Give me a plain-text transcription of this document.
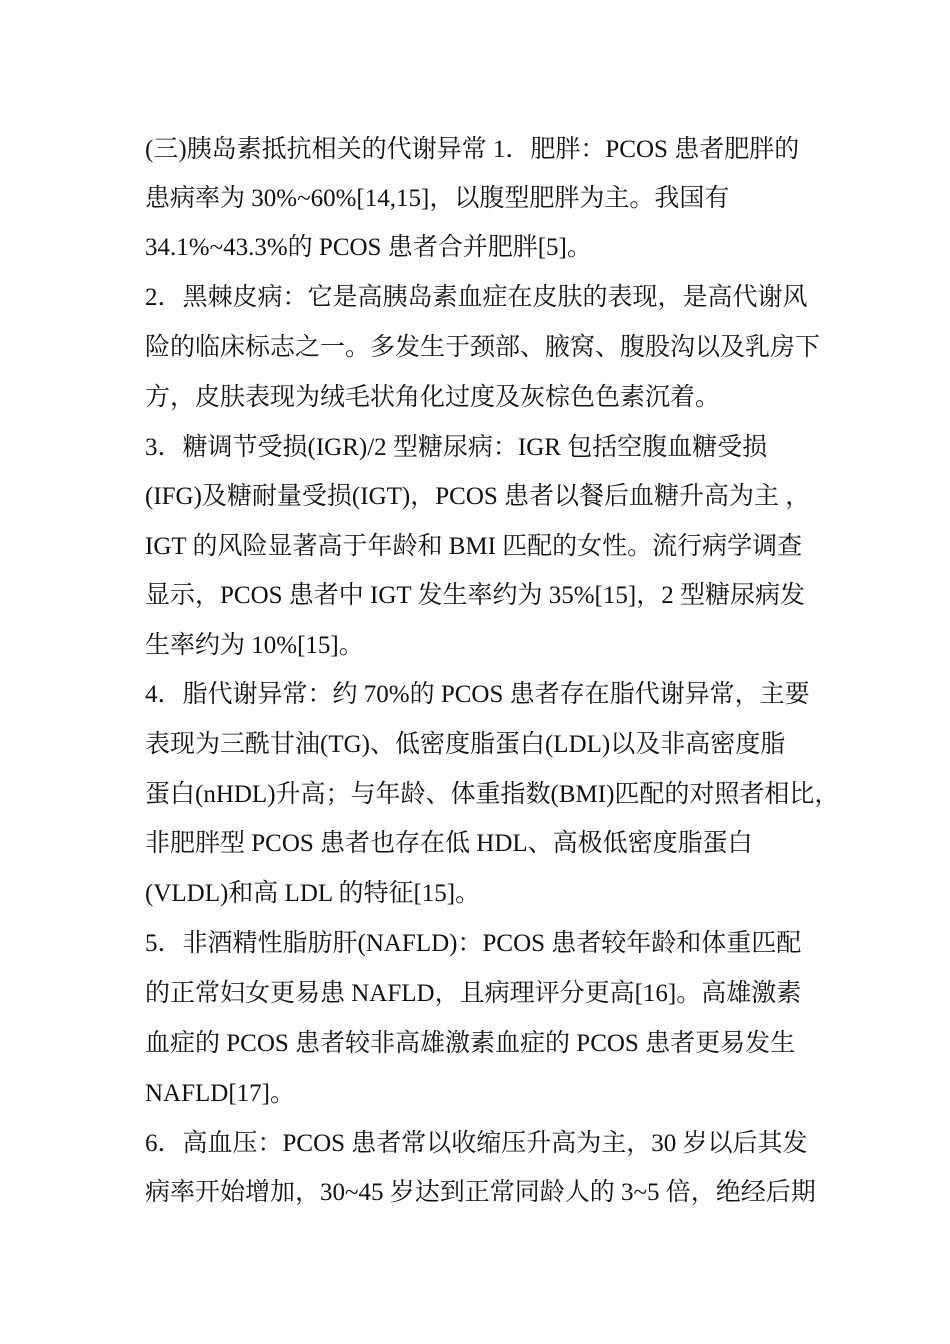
(三)胰岛素抵抗相关的代谢异常 1．肥胖：PCOS 患者肥胖的
患病率为 30%~60%[14,15]，以腹型肥胖为主。我国有
34.1%~43.3%的 PCOS 患者合并肥胖[5]。
2．黑棘皮病：它是高胰岛素血症在皮肤的表现，是高代谢风
险的临床标志之一。多发生于颈部、腋窝、腹股沟以及乳房下
方，皮肤表现为绒毛状角化过度及灰棕色色素沉着。
3．糖调节受损(IGR)/2 型糖尿病：IGR 包括空腹血糖受损
(IFG)及糖耐量受损(IGT)，PCOS 患者以餐后血糖升高为主 ，
IGT 的风险显著高于年龄和 BMI 匹配的女性。流行病学调查
显示，PCOS 患者中 IGT 发生率约为 35%[15]，2 型糖尿病发
生率约为 10%[15]。
4．脂代谢异常：约 70%的 PCOS 患者存在脂代谢异常，主要
表现为三酰甘油(TG)、低密度脂蛋白(LDL)以及非高密度脂
蛋白(nHDL)升高；与年龄、体重指数(BMI)匹配的对照者相比，
非肥胖型 PCOS 患者也存在低 HDL、高极低密度脂蛋白
(VLDL)和高 LDL 的特征[15]。
5．非酒精性脂肪肝(NAFLD)：PCOS 患者较年龄和体重匹配
的正常妇女更易患 NAFLD，且病理评分更高[16]。高雄激素
血症的 PCOS 患者较非高雄激素血症的 PCOS 患者更易发生
NAFLD[17]。
6．高血压：PCOS 患者常以收缩压升高为主，30 岁以后其发
病率开始增加，30~45 岁达到正常同龄人的 3~5 倍，绝经后期
